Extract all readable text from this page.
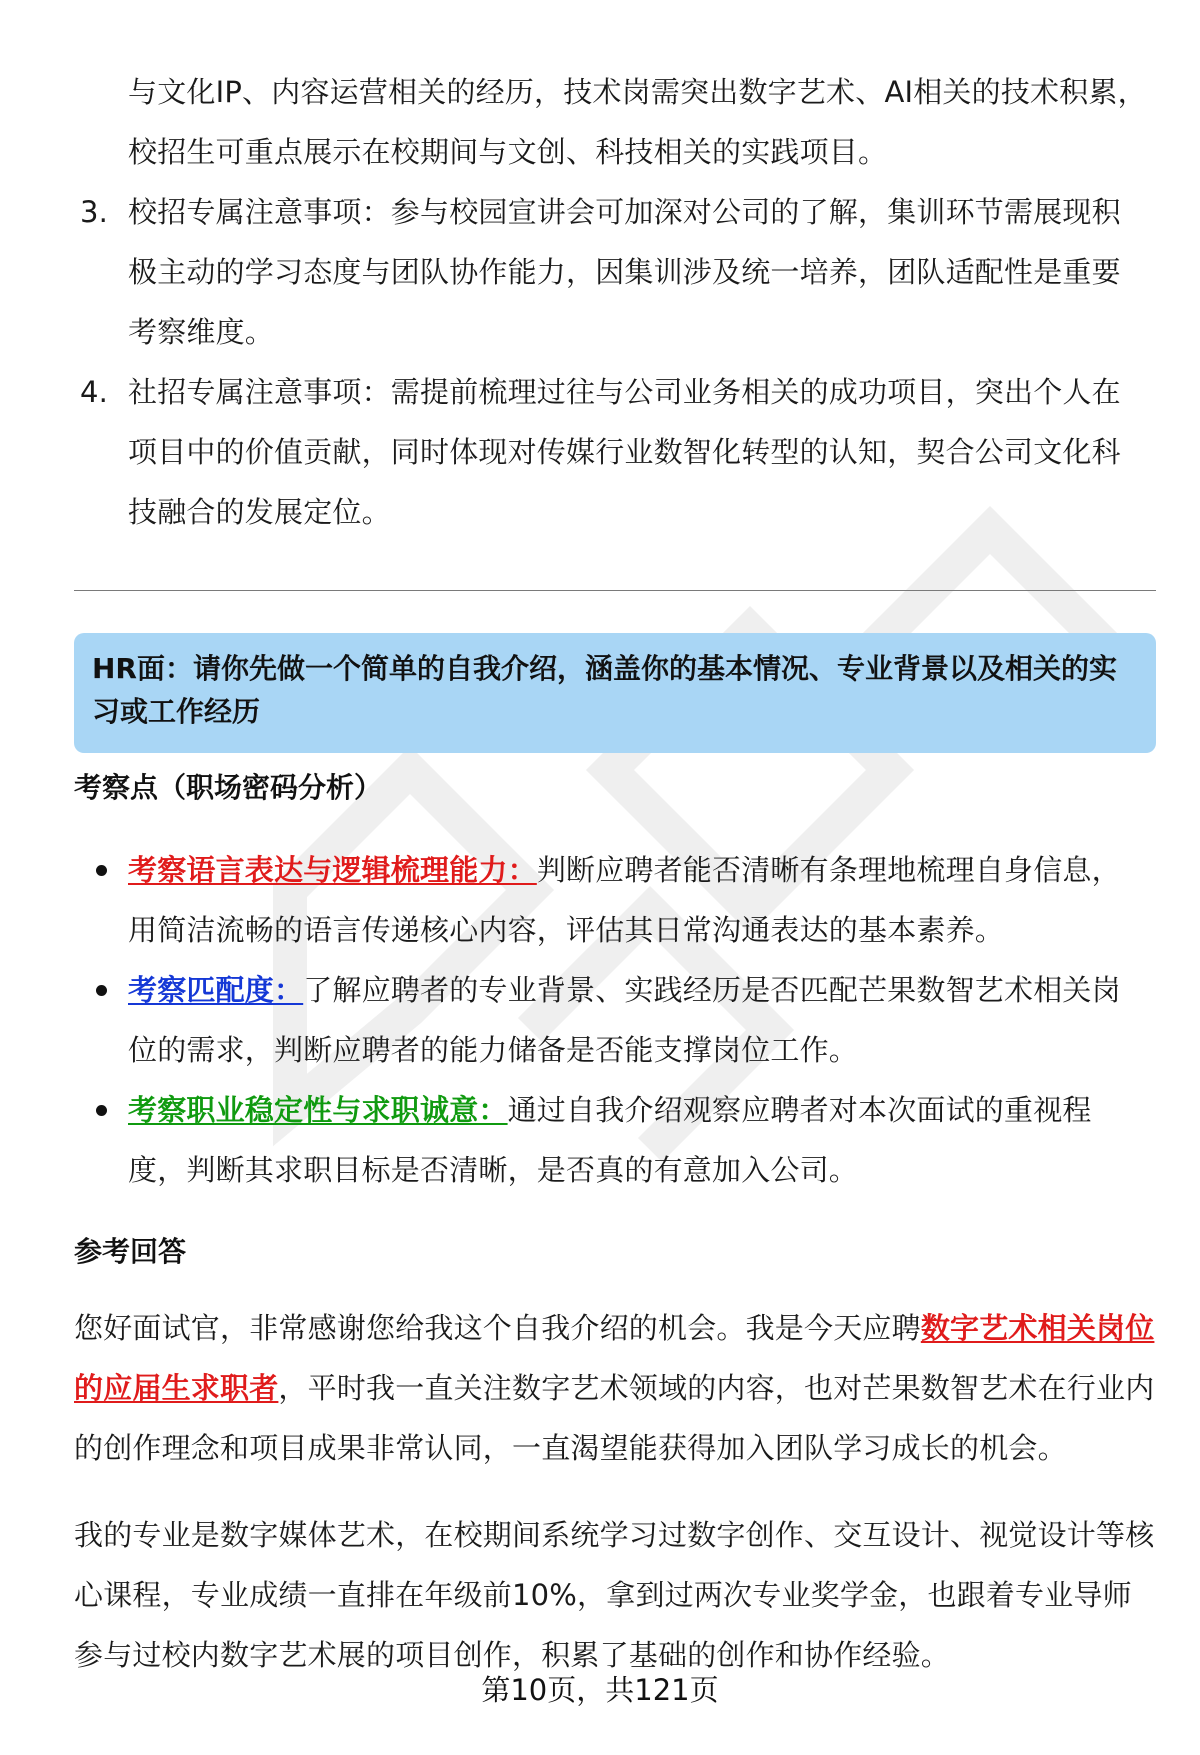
与文化IP、内容运营相关的经历，技术岗需突出数字艺术、AI相关的技术积累，校招生可重点展示在校期间与文创、科技相关的实践项目。
3. 校招专属注意事项：参与校园宣讲会可加深对公司的了解，集训环节需展现积极主动的学习态度与团队协作能力，因集训涉及统一培养，团队适配性是重要考察维度。
4. 社招专属注意事项：需提前梳理过往与公司业务相关的成功项目，突出个人在项目中的价值贡献，同时体现对传媒行业数智化转型的认知，契合公司文化科技融合的发展定位。
HR面：请你先做一个简单的自我介绍，涵盖你的基本情况、专业背景以及相关的实习或工作经历
考察点（职场密码分析）
考察语言表达与逻辑梳理能力：判断应聘者能否清晰有条理地梳理自身信息，用简洁流畅的语言传递核心内容，评估其日常沟通表达的基本素养。
考察匹配度：了解应聘者的专业背景、实践经历是否匹配芒果数智艺术相关岗位的需求，判断应聘者的能力储备是否能支撑岗位工作。
考察职业稳定性与求职诚意：通过自我介绍观察应聘者对本次面试的重视程度，判断其求职目标是否清晰，是否真的有意加入公司。
参考回答
您好面试官，非常感谢您给我这个自我介绍的机会。我是今天应聘数字艺术相关岗位的应届生求职者，平时我一直关注数字艺术领域的内容，也对芒果数智艺术在行业内的创作理念和项目成果非常认同，一直渴望能获得加入团队学习成长的机会。
我的专业是数字媒体艺术，在校期间系统学习过数字创作、交互设计、视觉设计等核心课程，专业成绩一直排在年级前10%，拿到过两次专业奖学金，也跟着专业导师参与过校内数字艺术展的项目创作，积累了基础的创作和协作经验。
第10页，共121页
